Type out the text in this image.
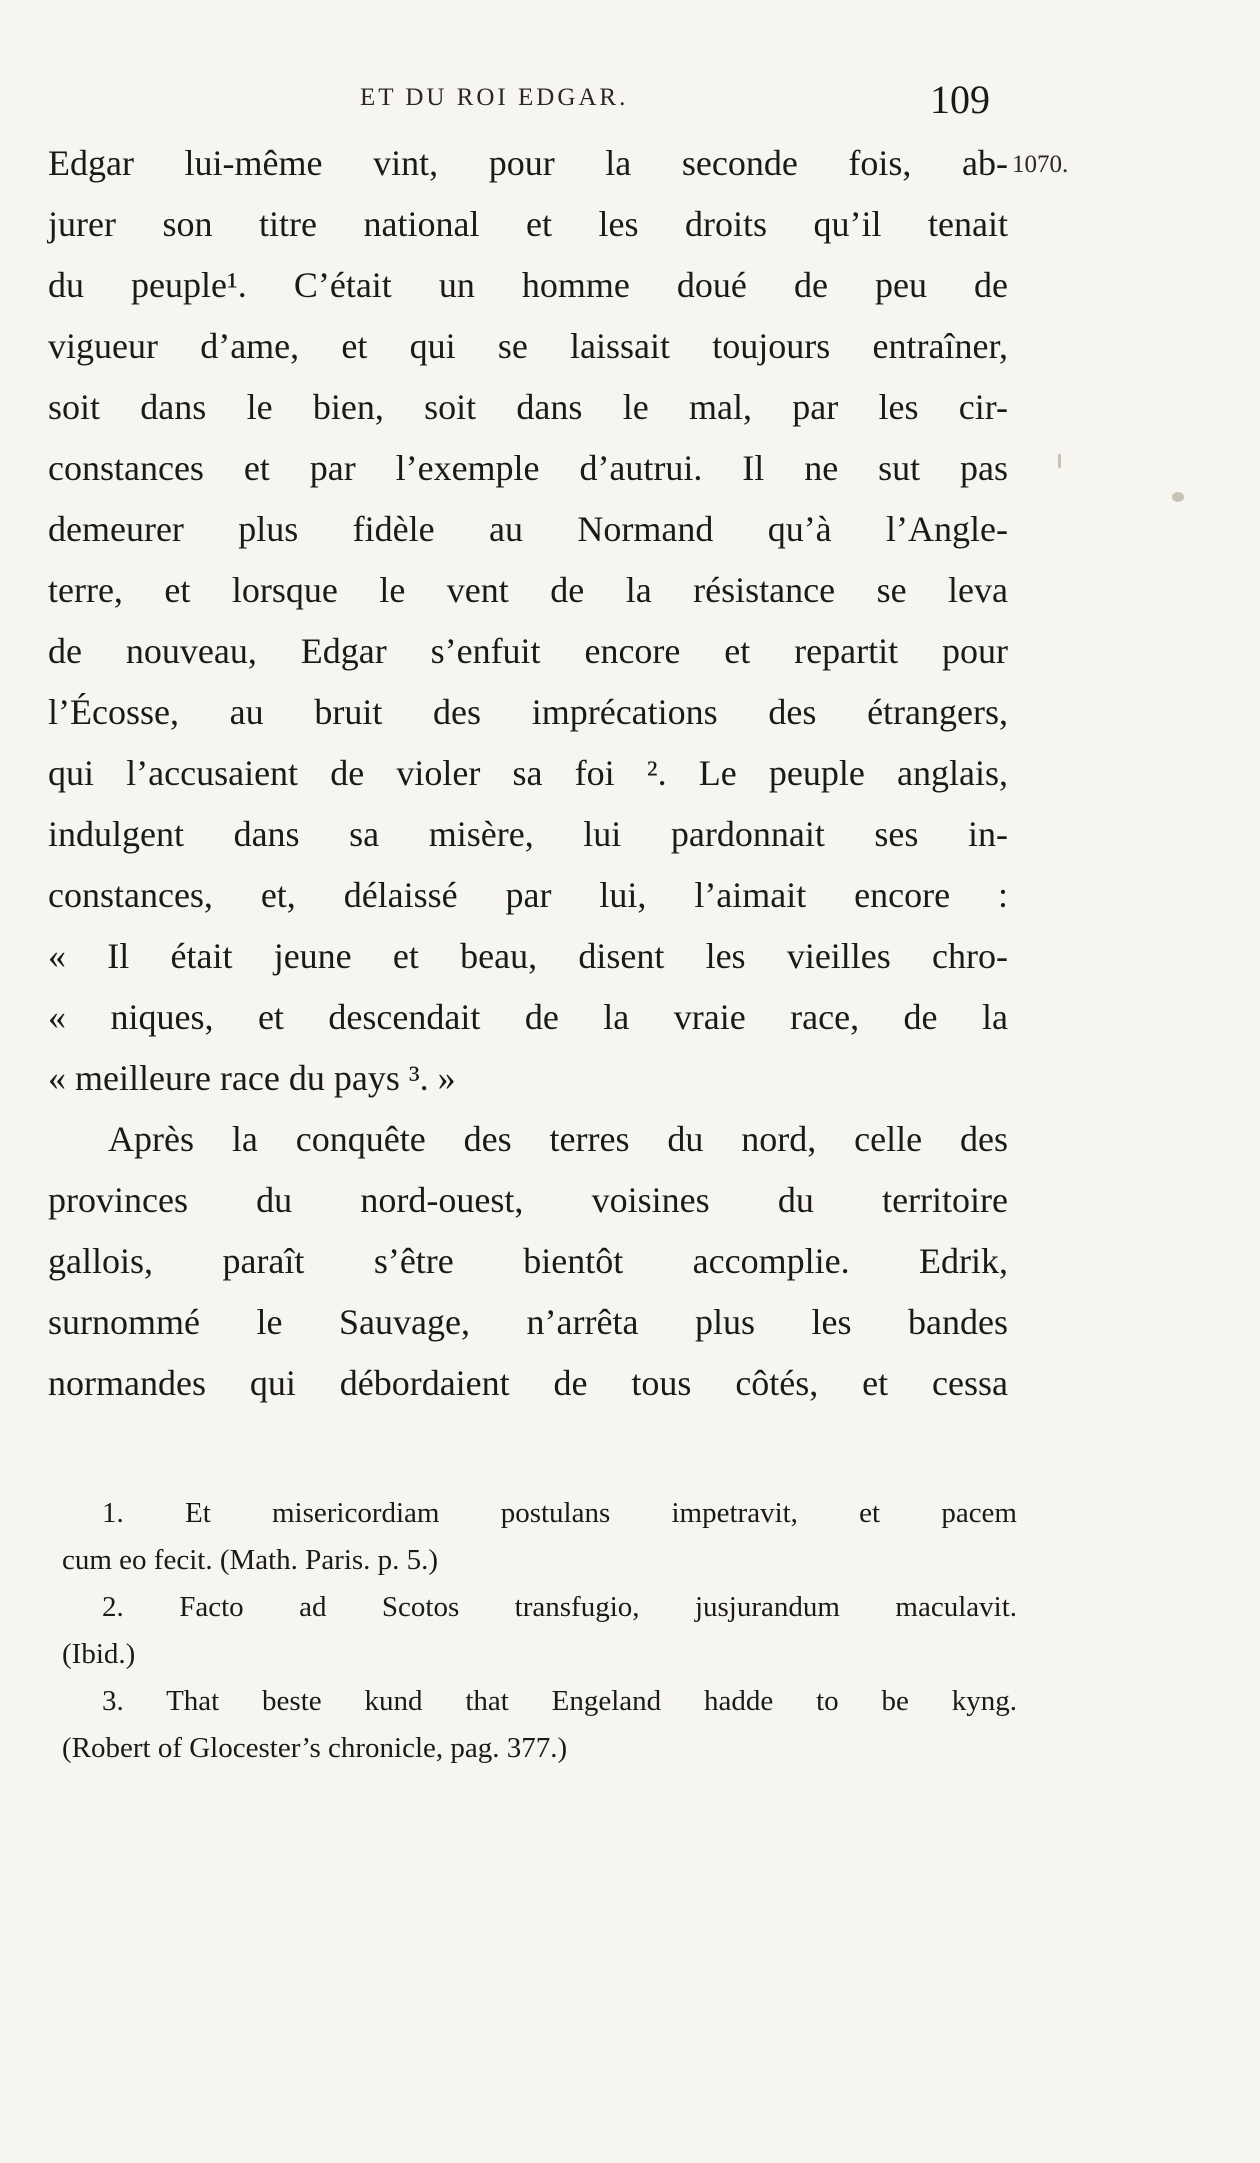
ET DU ROI EDGAR.	109
1070.
Edgar lui-même vint, pour la seconde fois, ab-
jurer son titre national et les droits qu’il tenait
du peuple¹. C’était un homme doué de peu de
vigueur d’ame, et qui se laissait toujours entraîner,
soit dans le bien, soit dans le mal, par les cir-
constances et par l’exemple d’autrui. Il ne sut pas
demeurer plus fidèle au Normand qu’à l’Angle-
terre, et lorsque le vent de la résistance se leva
de nouveau, Edgar s’enfuit encore et repartit pour
l’Écosse, au bruit des imprécations des étrangers,
qui l’accusaient de violer sa foi ². Le peuple anglais,
indulgent dans sa misère, lui pardonnait ses in-
constances, et, délaissé par lui, l’aimait encore :
« Il était jeune et beau, disent les vieilles chro-
« niques, et descendait de la vraie race, de la
« meilleure race du pays ³. »
Après la conquête des terres du nord, celle des
provinces du nord-ouest, voisines du territoire
gallois, paraît s’être bientôt accomplie. Edrik,
surnommé le Sauvage, n’arrêta plus les bandes
normandes qui débordaient de tous côtés, et cessa
1. Et misericordiam postulans impetravit, et pacem
cum eo fecit. (Math. Paris. p. 5.)
2. Facto ad Scotos transfugio, jusjurandum maculavit.
(Ibid.)
3. That beste kund that Engeland hadde to be kyng.
(Robert of Glocester’s chronicle, pag. 377.)
